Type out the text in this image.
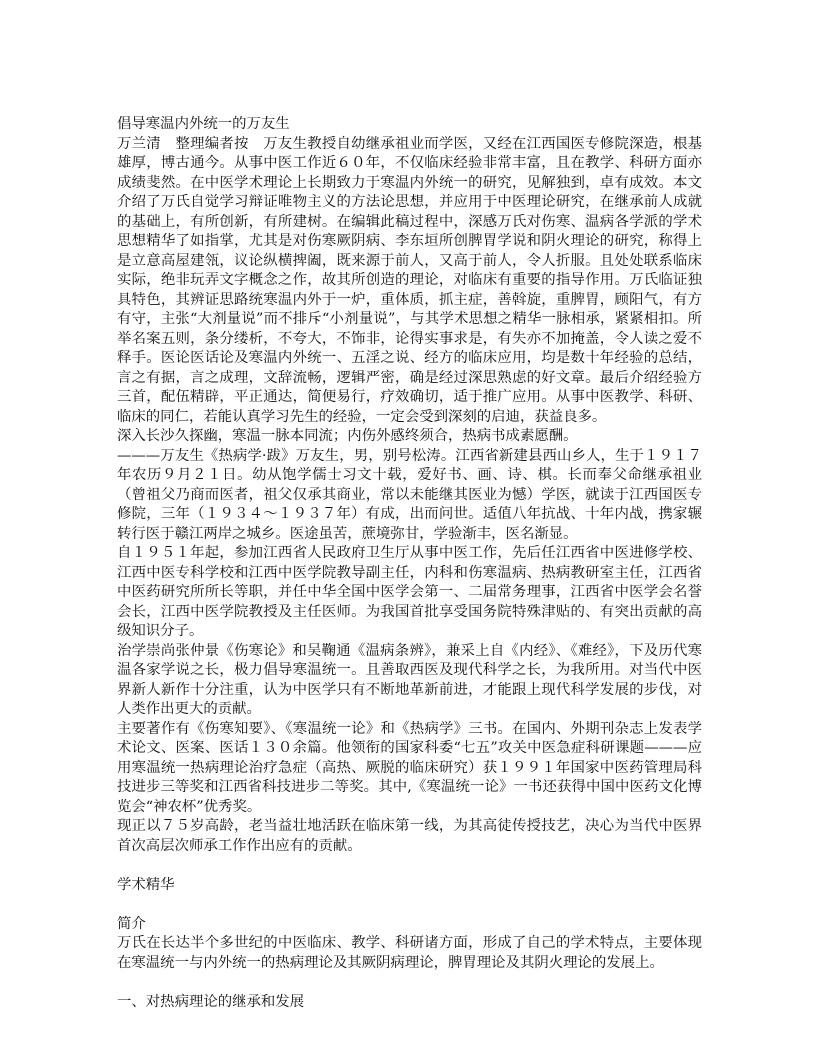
倡导寒温内外统一的万友生

万兰清　整理编者按　万友生教授自幼继承祖业而学医，又经在江西国医专修院深造，根基雄厚，博古通今。从事中医工作近６０年，不仅临床经验非常丰富，且在教学、科研方面亦成绩斐然。在中医学术理论上长期致力于寒温内外统一的研究，见解独到，卓有成效。本文介绍了万氏自觉学习辩证唯物主义的方法论思想，并应用于中医理论研究，在继承前人成就的基础上，有所创新，有所建树。在编辑此稿过程中，深感万氏对伤寒、温病各学派的学术思想精华了如指掌，尤其是对伤寒厥阴病、李东垣所创脾胃学说和阴火理论的研究，称得上是立意高屋建瓴，议论纵横捭阖，既来源于前人，又高于前人，令人折服。且处处联系临床实际，绝非玩弄文字概念之作，故其所创造的理论，对临床有重要的指导作用。万氏临证独具特色，其辨证思路统寒温内外于一炉，重体质，抓主症，善斡旋，重脾胃，顾阳气，有方有守，主张“大剂量说”而不排斥“小剂量说”，与其学术思想之精华一脉相承，紧紧相扣。所举名案五则，条分缕析，不夸大，不饰非，论得实事求是，有失亦不加掩盖，令人读之爱不释手。医论医话论及寒温内外统一、五淫之说、经方的临床应用，均是数十年经验的总结，言之有据，言之成理，文辞流畅，逻辑严密，确是经过深思熟虑的好文章。最后介绍经验方三首，配伍精辟，平正通达，简便易行，疗效确切，适于推广应用。从事中医教学、科研、临床的同仁，若能认真学习先生的经验，一定会受到深刻的启迪，获益良多。

深入长沙久探幽，寒温一脉本同流；内伤外感终须合，热病书成素愿酬。

———万友生《热病学·跋》万友生，男，别号松涛。江西省新建县西山乡人，生于１９１７年农历９月２１日。幼从饱学儒士习文十载，爱好书、画、诗、棋。长而奉父命继承祖业（曾祖父乃商而医者，祖父仅承其商业，常以未能继其医业为憾）学医，就读于江西国医专修院，三年（１９３４～１９３７年）有成，出而问世。适值八年抗战、十年内战，携家辗转行医于赣江两岸之城乡。医途虽苦，蔗境弥甘，学验渐丰，医名渐显。

自１９５１年起，参加江西省人民政府卫生厅从事中医工作，先后任江西省中医进修学校、江西中医专科学校和江西中医学院教导副主任，内科和伤寒温病、热病教研室主任，江西省中医药研究所所长等职，并任中华全国中医学会第一、二届常务理事，江西省中医学会名誉会长，江西中医学院教授及主任医师。为我国首批享受国务院特殊津贴的、有突出贡献的高级知识分子。

治学崇尚张仲景《伤寒论》和吴鞠通《温病条辨》，兼采上自《内经》、《难经》，下及历代寒温各家学说之长，极力倡导寒温统一。且善取西医及现代科学之长，为我所用。对当代中医界新人新作十分注重，认为中医学只有不断地革新前进，才能跟上现代科学发展的步伐，对人类作出更大的贡献。

主要著作有《伤寒知要》、《寒温统一论》和《热病学》三书。在国内、外期刊杂志上发表学术论文、医案、医话１３０余篇。他领衔的国家科委“七五”攻关中医急症科研课题———应用寒温统一热病理论治疗急症（高热、厥脱的临床研究）获１９９１年国家中医药管理局科技进步三等奖和江西省科技进步二等奖。其中,《寒温统一论》一书还获得中国中医药文化博览会“神农杯”优秀奖。

现正以７５岁高龄，老当益壮地活跃在临床第一线，为其高徒传授技艺，决心为当代中医界首次高层次师承工作作出应有的贡献。

学术精华

简介

万氏在长达半个多世纪的中医临床、教学、科研诸方面，形成了自己的学术特点，主要体现在寒温统一与内外统一的热病理论及其厥阴病理论，脾胃理论及其阴火理论的发展上。

一、对热病理论的继承和发展
